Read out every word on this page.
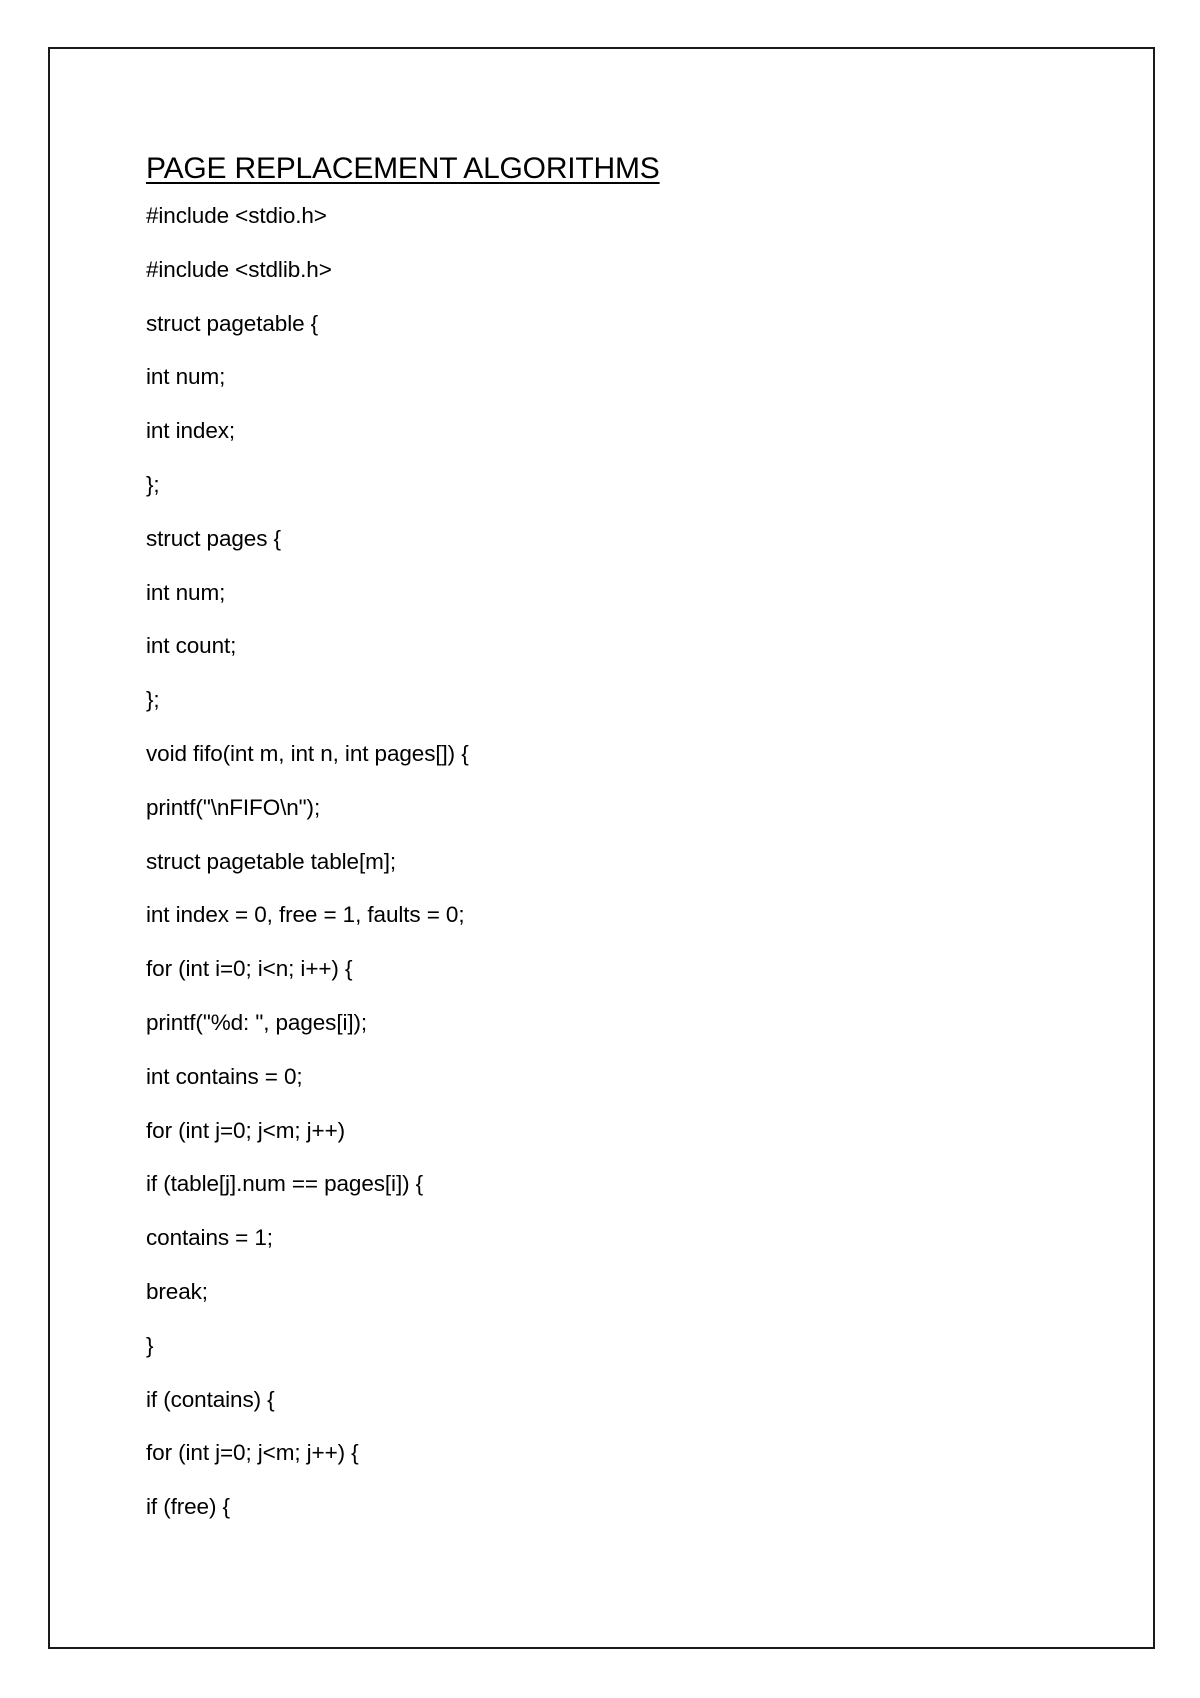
PAGE REPLACEMENT ALGORITHMS
#include <stdio.h>
#include <stdlib.h>
struct pagetable {
int num;
int index;
};
struct pages {
int num;
int count;
};
void fifo(int m, int n, int pages[]) {
printf("\nFIFO\n");
struct pagetable table[m];
int index = 0, free = 1, faults = 0;
for (int i=0; i<n; i++) {
printf("%d: ", pages[i]);
int contains = 0;
for (int j=0; j<m; j++)
if (table[j].num == pages[i]) {
contains = 1;
break;
}
if (contains) {
for (int j=0; j<m; j++) {
if (free) {
